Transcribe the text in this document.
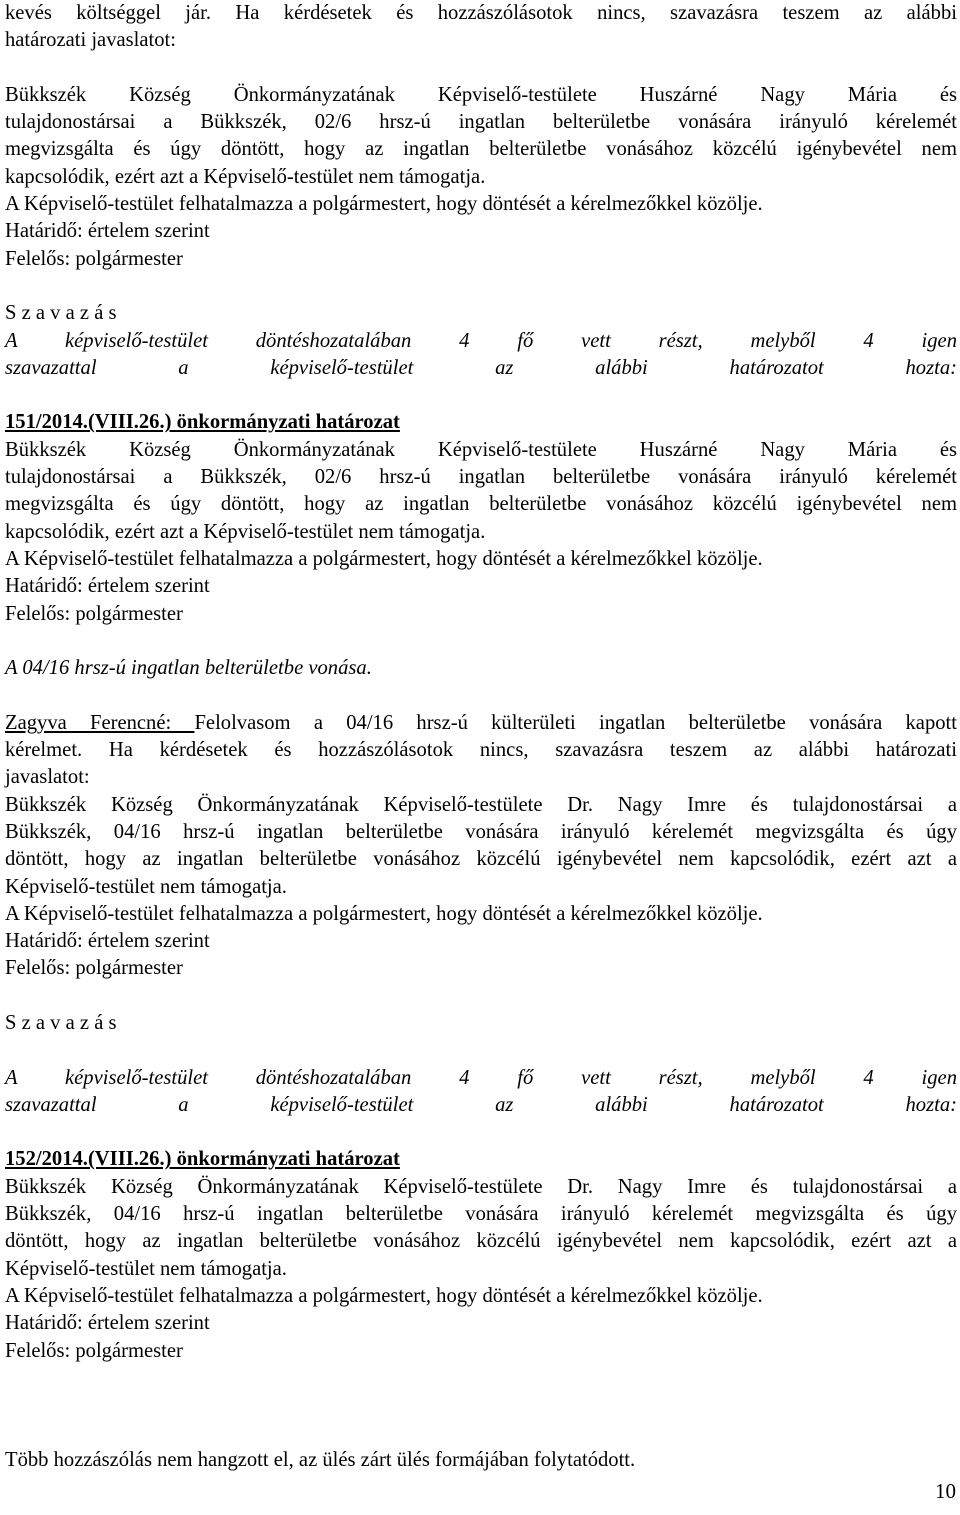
kevés költséggel jár. Ha kérdésetek és hozzászólásotok nincs, szavazásra teszem az alábbi
határozati javaslatot:
Bükkszék Község Önkormányzatának Képviselő-testülete Huszárné Nagy Mária és
tulajdonostársai a Bükkszék, 02/6 hrsz-ú ingatlan belterületbe vonására irányuló kérelemét
megvizsgálta és úgy döntött, hogy az ingatlan belterületbe vonásához közcélú igénybevétel nem
kapcsolódik, ezért azt a Képviselő-testület nem támogatja.
A Képviselő-testület felhatalmazza a polgármestert, hogy döntését a kérelmezőkkel közölje.
Határidő: értelem szerint
Felelős: polgármester
S z a v a z á s
A képviselő-testület döntéshozatalában 4 fő vett részt, melyből 4 igen
szavazattal a képviselő-testület az alábbi határozatot hozta:
151/2014.(VIII.26.) önkormányzati határozat
Bükkszék Község Önkormányzatának Képviselő-testülete Huszárné Nagy Mária és
tulajdonostársai a Bükkszék, 02/6 hrsz-ú ingatlan belterületbe vonására irányuló kérelemét
megvizsgálta és úgy döntött, hogy az ingatlan belterületbe vonásához közcélú igénybevétel nem
kapcsolódik, ezért azt a Képviselő-testület nem támogatja.
A Képviselő-testület felhatalmazza a polgármestert, hogy döntését a kérelmezőkkel közölje.
Határidő: értelem szerint
Felelős: polgármester
A 04/16 hrsz-ú ingatlan belterületbe vonása.
Zagyva Ferencné: Felolvasom a 04/16 hrsz-ú külterületi ingatlan belterületbe vonására kapott
kérelmet. Ha kérdésetek és hozzászólásotok nincs, szavazásra teszem az alábbi határozati
javaslatot:
Bükkszék Község Önkormányzatának Képviselő-testülete Dr. Nagy Imre és tulajdonostársai a
Bükkszék, 04/16 hrsz-ú ingatlan belterületbe vonására irányuló kérelemét megvizsgálta és úgy
döntött, hogy az ingatlan belterületbe vonásához közcélú igénybevétel nem kapcsolódik, ezért azt a
Képviselő-testület nem támogatja.
A Képviselő-testület felhatalmazza a polgármestert, hogy döntését a kérelmezőkkel közölje.
Határidő: értelem szerint
Felelős: polgármester
S z a v a z á s
A képviselő-testület döntéshozatalában 4 fő vett részt, melyből 4 igen
szavazattal a képviselő-testület az alábbi határozatot hozta:
152/2014.(VIII.26.) önkormányzati határozat
Bükkszék Község Önkormányzatának Képviselő-testülete Dr. Nagy Imre és tulajdonostársai a
Bükkszék, 04/16 hrsz-ú ingatlan belterületbe vonására irányuló kérelemét megvizsgálta és úgy
döntött, hogy az ingatlan belterületbe vonásához közcélú igénybevétel nem kapcsolódik, ezért azt a
Képviselő-testület nem támogatja.
A Képviselő-testület felhatalmazza a polgármestert, hogy döntését a kérelmezőkkel közölje.
Határidő: értelem szerint
Felelős: polgármester
Több hozzászólás nem hangzott el, az ülés zárt ülés formájában folytatódott.
10
